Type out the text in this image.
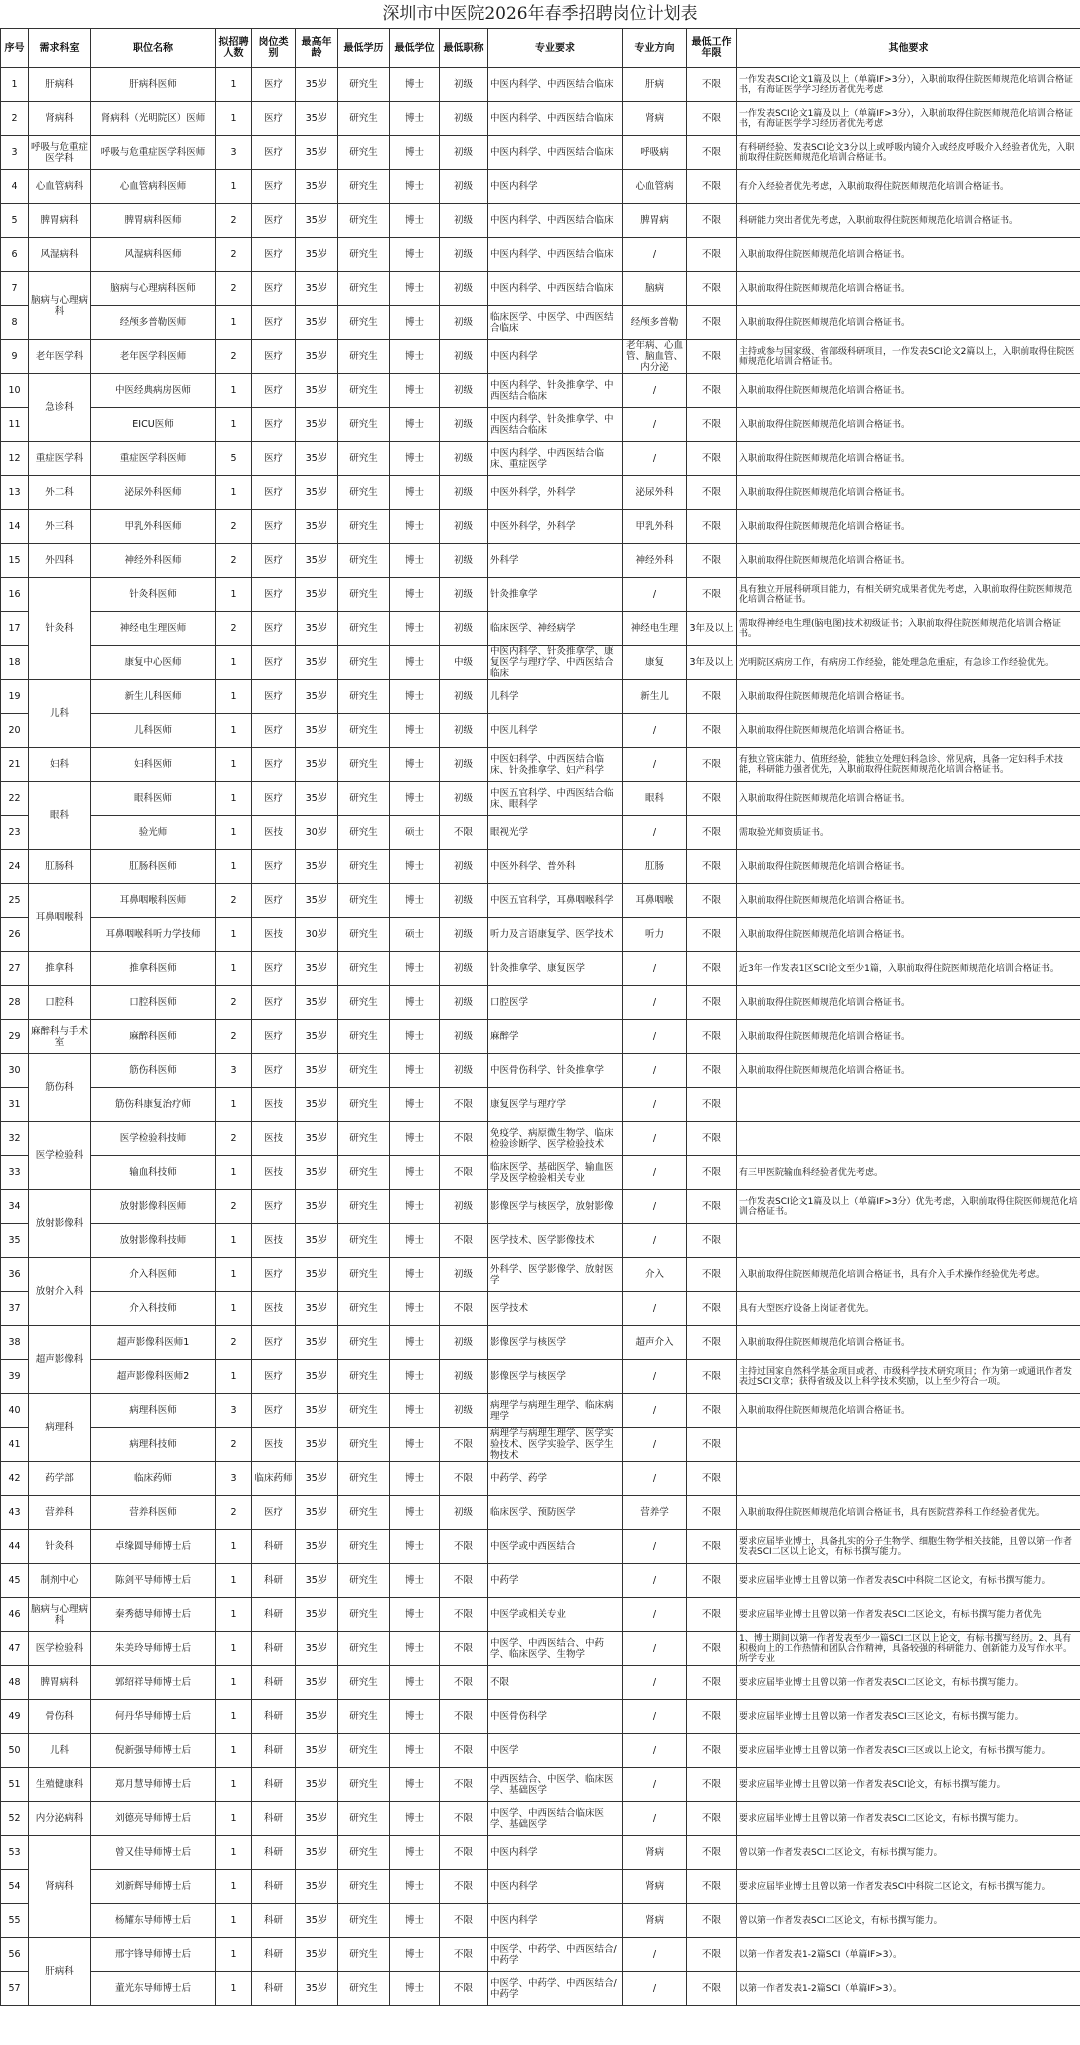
深圳市中医院2026年春季招聘岗位计划表
序号	需求科室	职位名称	拟招聘人数	岗位类别	最高年龄	最低学历	最低学位	最低职称	专业要求	专业方向	最低工作年限	其他要求
1	肝病科	肝病科医师	1	医疗	35岁	研究生	博士	初级	中医内科学、中西医结合临床	肝病	不限	一作发表SCI论文1篇及以上（单篇IF>3分），入职前取得住院医师规范化培训合格证书，有海证医学学习经历者优先考虑
2	肾病科	肾病科（光明院区）医师	1	医疗	35岁	研究生	博士	初级	中医内科学、中西医结合临床	肾病	不限	一作发表SCI论文1篇及以上（单篇IF>3分），入职前取得住院医师规范化培训合格证书，有海证医学学习经历者优先考虑
3	呼吸与危重症医学科	呼吸与危重症医学科医师	3	医疗	35岁	研究生	博士	初级	中医内科学、中西医结合临床	呼吸病	不限	有科研经验、发表SCI论文3分以上或呼吸内镜介入或经皮呼吸介入经验者优先，入职前取得住院医师规范化培训合格证书。
4	心血管病科	心血管病科医师	1	医疗	35岁	研究生	博士	初级	中医内科学	心血管病	不限	有介入经验者优先考虑，入职前取得住院医师规范化培训合格证书。
5	脾胃病科	脾胃病科医师	2	医疗	35岁	研究生	博士	初级	中医内科学、中西医结合临床	脾胃病	不限	科研能力突出者优先考虑，入职前取得住院医师规范化培训合格证书。
6	风湿病科	风湿病科医师	2	医疗	35岁	研究生	博士	初级	中医内科学、中西医结合临床	/	不限	入职前取得住院医师规范化培训合格证书。
7	脑病与心理病科	脑病与心理病科医师	2	医疗	35岁	研究生	博士	初级	中医内科学、中西医结合临床	脑病	不限	入职前取得住院医师规范化培训合格证书。
8		经颅多普勒医师	1	医疗	35岁	研究生	博士	初级	临床医学、中医学、中西医结合临床	经颅多普勒	不限	入职前取得住院医师规范化培训合格证书。
9	老年医学科	老年医学科医师	2	医疗	35岁	研究生	博士	初级	中医内科学	老年病、心血管、脑血管、内分泌	不限	主持或参与国家级、省部级科研项目，一作发表SCI论文2篇以上，入职前取得住院医师规范化培训合格证书。
10	急诊科	中医经典病房医师	1	医疗	35岁	研究生	博士	初级	中医内科学、针灸推拿学、中西医结合临床	/	不限	入职前取得住院医师规范化培训合格证书。
11		EICU医师	1	医疗	35岁	研究生	博士	初级	中医内科学、针灸推拿学、中西医结合临床	/	不限	入职前取得住院医师规范化培训合格证书。
12	重症医学科	重症医学科医师	5	医疗	35岁	研究生	博士	初级	中医内科学、中西医结合临床、重症医学	/	不限	入职前取得住院医师规范化培训合格证书。
13	外二科	泌尿外科医师	1	医疗	35岁	研究生	博士	初级	中医外科学，外科学	泌尿外科	不限	入职前取得住院医师规范化培训合格证书。
14	外三科	甲乳外科医师	2	医疗	35岁	研究生	博士	初级	中医外科学，外科学	甲乳外科	不限	入职前取得住院医师规范化培训合格证书。
15	外四科	神经外科医师	2	医疗	35岁	研究生	博士	初级	外科学	神经外科	不限	入职前取得住院医师规范化培训合格证书。
16	针灸科	针灸科医师	1	医疗	35岁	研究生	博士	初级	针灸推拿学	/	不限	具有独立开展科研项目能力，有相关研究成果者优先考虑，入职前取得住院医师规范化培训合格证书。
17		神经电生理医师	2	医疗	35岁	研究生	博士	初级	临床医学、神经病学	神经电生理	3年及以上	需取得神经电生理(脑电图)技术初级证书；入职前取得住院医师规范化培训合格证书。
18		康复中心医师	1	医疗	35岁	研究生	博士	中级	中医内科学、针灸推拿学、康复医学与理疗学、中西医结合临床	康复	3年及以上	光明院区病房工作，有病房工作经验，能处理急危重症，有急诊工作经验优先。
19	儿科	新生儿科医师	1	医疗	35岁	研究生	博士	初级	儿科学	新生儿	不限	入职前取得住院医师规范化培训合格证书。
20		儿科医师	1	医疗	35岁	研究生	博士	初级	中医儿科学	/	不限	入职前取得住院医师规范化培训合格证书。
21	妇科	妇科医师	1	医疗	35岁	研究生	博士	初级	中医妇科学、中西医结合临床、针灸推拿学、妇产科学	/	不限	有独立管床能力、值班经验，能独立处理妇科急诊、常见病，具备一定妇科手术技能，科研能力强者优先，入职前取得住院医师规范化培训合格证书。
22	眼科	眼科医师	1	医疗	35岁	研究生	博士	初级	中医五官科学、中西医结合临床、眼科学	眼科	不限	入职前取得住院医师规范化培训合格证书。
23		验光师	1	医技	30岁	研究生	硕士	不限	眼视光学	/	不限	需取验光师资质证书。
24	肛肠科	肛肠科医师	1	医疗	35岁	研究生	博士	初级	中医外科学、普外科	肛肠	不限	入职前取得住院医师规范化培训合格证书。
25	耳鼻咽喉科	耳鼻咽喉科医师	2	医疗	35岁	研究生	博士	初级	中医五官科学，耳鼻咽喉科学	耳鼻咽喉	不限	入职前取得住院医师规范化培训合格证书。
26		耳鼻咽喉科听力学技师	1	医技	30岁	研究生	硕士	初级	听力及言语康复学、医学技术	听力	不限	入职前取得住院医师规范化培训合格证书。
27	推拿科	推拿科医师	1	医疗	35岁	研究生	博士	初级	针灸推拿学、康复医学	/	不限	近3年一作发表1区SCI论文至少1篇，入职前取得住院医师规范化培训合格证书。
28	口腔科	口腔科医师	2	医疗	35岁	研究生	博士	初级	口腔医学	/	不限	入职前取得住院医师规范化培训合格证书。
29	麻醉科与手术室	麻醉科医师	2	医疗	35岁	研究生	博士	初级	麻醉学	/	不限	入职前取得住院医师规范化培训合格证书。
30	筋伤科	筋伤科医师	3	医疗	35岁	研究生	博士	初级	中医骨伤科学、针灸推拿学	/	不限	入职前取得住院医师规范化培训合格证书。
31		筋伤科康复治疗师	1	医技	35岁	研究生	博士	不限	康复医学与理疗学	/	不限	
32	医学检验科	医学检验科技师	2	医技	35岁	研究生	博士	不限	免疫学、病原微生物学、临床检验诊断学、医学检验技术	/	不限	
33		输血科技师	1	医技	35岁	研究生	博士	不限	临床医学、基础医学、输血医学及医学检验相关专业	/	不限	有三甲医院输血科经验者优先考虑。
34	放射影像科	放射影像科医师	2	医疗	35岁	研究生	博士	初级	影像医学与核医学，放射影像	/	不限	一作发表SCI论文1篇及以上（单篇IF>3分）优先考虑，入职前取得住院医师规范化培训合格证书。
35		放射影像科技师	1	医技	35岁	研究生	博士	不限	医学技术、医学影像技术	/	不限	
36	放射介入科	介入科医师	1	医疗	35岁	研究生	博士	初级	外科学、医学影像学、放射医学	介入	不限	入职前取得住院医师规范化培训合格证书，具有介入手术操作经验优先考虑。
37		介入科技师	1	医技	35岁	研究生	博士	不限	医学技术	/	不限	具有大型医疗设备上岗证者优先。
38	超声影像科	超声影像科医师1	2	医疗	35岁	研究生	博士	初级	影像医学与核医学	超声介入	不限	入职前取得住院医师规范化培训合格证书。
39		超声影像科医师2	1	医疗	35岁	研究生	博士	初级	影像医学与核医学	/	不限	主持过国家自然科学基金项目或者、市级科学技术研究项目；作为第一或通讯作者发表过SCI文章；获得省级及以上科学技术奖励，以上至少符合一项。
40	病理科	病理科医师	3	医疗	35岁	研究生	博士	初级	病理学与病理生理学、临床病理学	/	不限	入职前取得住院医师规范化培训合格证书。
41		病理科技师	2	医技	35岁	研究生	博士	不限	病理学与病理生理学、医学实验技术、医学实验学、医学生物技术	/	不限	
42	药学部	临床药师	3	临床药师	35岁	研究生	博士	不限	中药学、药学	/	不限	
43	营养科	营养科医师	2	医疗	35岁	研究生	博士	初级	临床医学、预防医学	营养学	不限	入职前取得住院医师规范化培训合格证书，具有医院营养科工作经验者优先。
44	针灸科	卓缘圆导师博士后	1	科研	35岁	研究生	博士	不限	中医学或中西医结合	/	不限	要求应届毕业博士，具备扎实的分子生物学、细胞生物学相关技能，且曾以第一作者发表SCI二区以上论文，有标书撰写能力。
45	制剂中心	陈剑平导师博士后	1	科研	35岁	研究生	博士	不限	中药学	/	不限	要求应届毕业博士且曾以第一作者发表SCI中科院二区论文，有标书撰写能力。
46	脑病与心理病科	秦秀德导师博士后	1	科研	35岁	研究生	博士	不限	中医学或相关专业	/	不限	要求应届毕业博士且曾以第一作者发表SCI二区论文，有标书撰写能力者优先
47	医学检验科	朱美玲导师博士后	1	科研	35岁	研究生	博士	不限	中医学、中西医结合、中药学、临床医学、生物学	/	不限	1、博士期间以第一作者发表至少一篇SCI二区以上论文，有标书撰写经历。2、具有积极向上的工作热情和团队合作精神，具备较强的科研能力、创新能力及写作水平。所学专业
48	脾胃病科	郭绍祥导师博士后	1	科研	35岁	研究生	博士	不限	不限	/	不限	要求应届毕业博士且曾以第一作者发表SCI二区论文，有标书撰写能力。
49	骨伤科	何丹华导师博士后	1	科研	35岁	研究生	博士	不限	中医骨伤科学	/	不限	要求应届毕业博士且曾以第一作者发表SCI三区论文，有标书撰写能力。
50	儿科	倪新强导师博士后	1	科研	35岁	研究生	博士	不限	中医学	/	不限	要求应届毕业博士且曾以第一作者发表SCI三区或以上论文，有标书撰写能力。
51	生殖健康科	郑月慧导师博士后	1	科研	35岁	研究生	博士	不限	中西医结合、中医学、临床医学、基础医学	/	不限	要求应届毕业博士且曾以第一作者发表SCI论文，有标书撰写能力。
52	内分泌病科	刘德亮导师博士后	1	科研	35岁	研究生	博士	不限	中医学、中西医结合临床医学、基础医学	/	不限	要求应届毕业博士且曾以第一作者发表SCI二区论文，有标书撰写能力。
53	肾病科	曾又佳导师博士后	1	科研	35岁	研究生	博士	不限	中医内科学	肾病	不限	曾以第一作者发表SCI二区论文，有标书撰写能力。
54		刘新辉导师博士后	1	科研	35岁	研究生	博士	不限	中医内科学	肾病	不限	要求应届毕业博士且曾以第一作者发表SCI中科院二区论文，有标书撰写能力。
55		杨耀东导师博士后	1	科研	35岁	研究生	博士	不限	中医内科学	肾病	不限	曾以第一作者发表SCI二区论文，有标书撰写能力。
56	肝病科	邢宇锋导师博士后	1	科研	35岁	研究生	博士	不限	中医学、中药学、中西医结合/中药学	/	不限	以第一作者发表1-2篇SCI（单篇IF>3）。
57		董光东导师博士后	1	科研	35岁	研究生	博士	不限	中医学、中药学、中西医结合/中药学	/	不限	以第一作者发表1-2篇SCI（单篇IF>3）。
